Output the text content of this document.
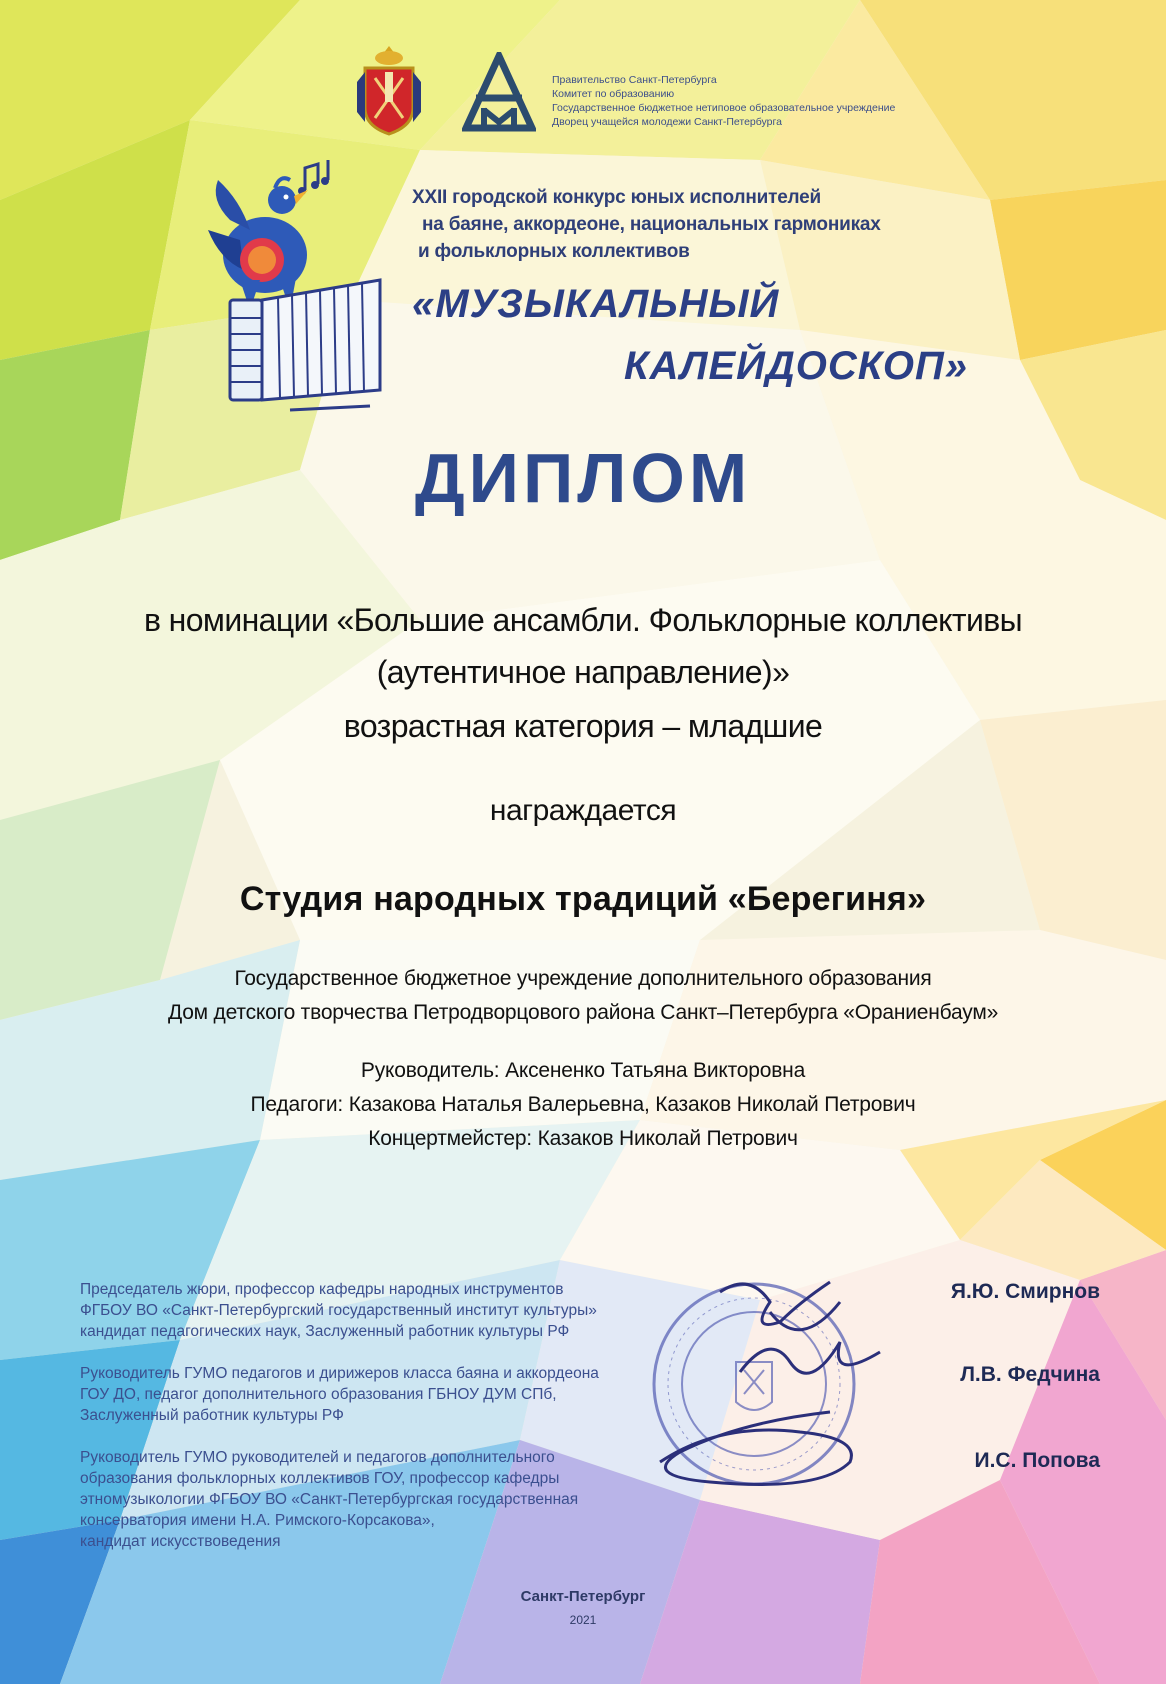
Правительство Санкт-Петербурга
Комитет по образованию
Государственное бюджетное нетиповое образовательное учреждение
Дворец учащейся молодежи Санкт-Петербурга
XXII городской конкурс юных исполнителей
на баяне, аккордеоне, национальных гармониках
и фольклорных коллективов
«МУЗЫКАЛЬНЫЙ
КАЛЕЙДОСКОП»
ДИПЛОМ
в номинации «Большие ансамбли. Фольклорные коллективы
(аутентичное направление)»
возрастная категория – младшие
награждается
Студия народных традиций «Берегиня»
Государственное бюджетное учреждение дополнительного образования
Дом детского творчества Петродворцового района Санкт–Петербурга «Ораниенбаум»
Руководитель: Аксененко Татьяна Викторовна
Педагоги: Казакова Наталья Валерьевна, Казаков Николай Петрович
Концертмейстер: Казаков Николай Петрович
Председатель жюри, профессор кафедры народных инструментов
ФГБОУ ВО «Санкт-Петербургский государственный институт культуры»
кандидат педагогических наук, Заслуженный работник культуры РФ
Я.Ю. Смирнов
Руководитель ГУМО педагогов и дирижеров класса баяна и аккордеона
ГОУ ДО, педагог дополнительного образования ГБНОУ ДУМ СПб,
Заслуженный работник культуры РФ
Л.В. Федчина
Руководитель ГУМО руководителей и педагогов дополнительного
образования фольклорных коллективов ГОУ, профессор кафедры
этномузыкологии ФГБОУ ВО «Санкт-Петербургская государственная
консерватория имени Н.А. Римского-Корсакова»,
кандидат искусствоведения
И.С. Попова
Санкт-Петербург
2021
